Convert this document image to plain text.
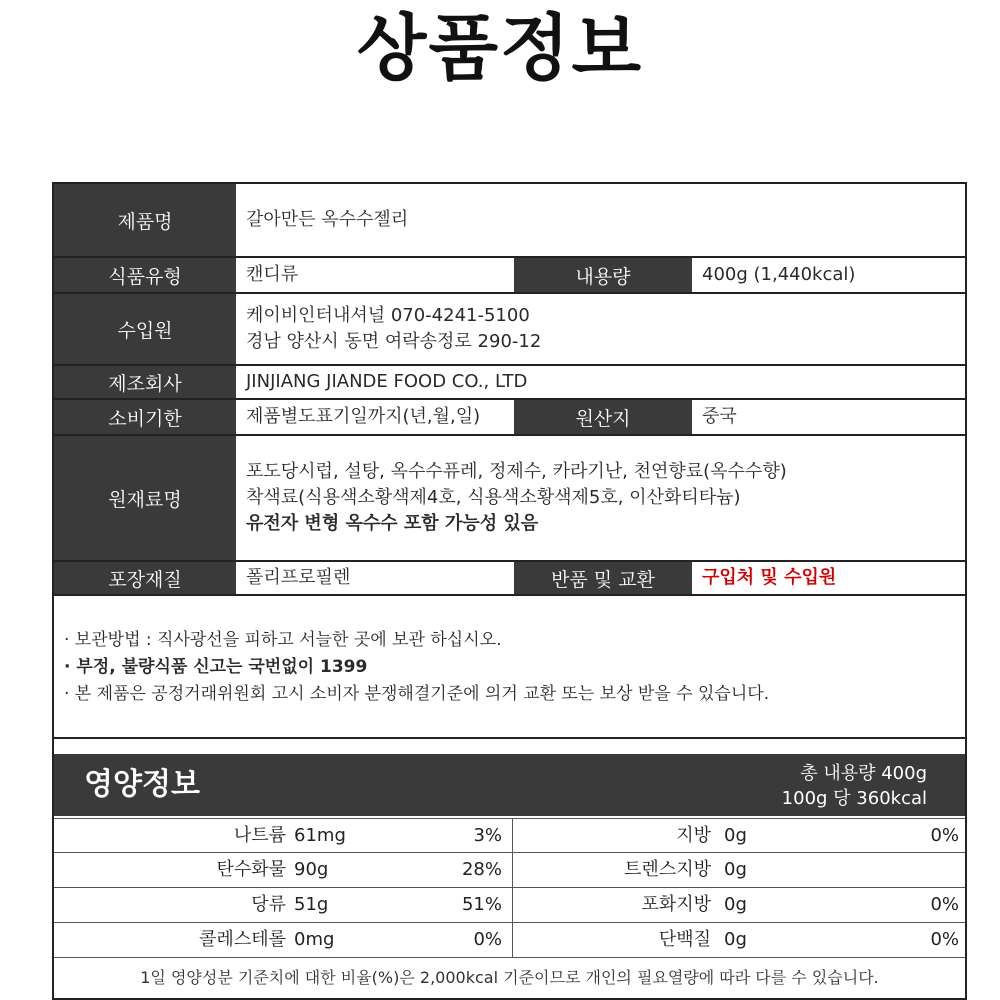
상품정보
제품명	갈아만든 옥수수젤리
식품유형	캔디류	내용량	400g (1,440kcal)
수입원
케이비인터내셔널 070-4241-5100
경남 양산시 동면 여락송정로 290-12
제조회사	JINJIANG JIANDE FOOD CO., LTD
소비기한	제품별도표기일까지(년,월,일)	원산지	중국
원재료명
포도당시럽, 설탕, 옥수수퓨레, 정제수, 카라기난, 천연향료(옥수수향)
착색료(식용색소황색제4호, 식용색소황색제5호, 이산화티타늄)
유전자 변형 옥수수 포함 가능성 있음
포장재질	폴리프로필렌	반품 및 교환	구입처 및 수입원
· 보관방법 : 직사광선을 피하고 서늘한 곳에 보관 하십시오.
· 부정, 불량식품 신고는 국번없이 1399
· 본 제품은 공정거래위원회 고시 소비자 분쟁해결기준에 의거 교환 또는 보상 받을 수 있습니다.
영양정보	총 내용량 400g
100g 당 360kcal
나트륨 61mg	3%	지방 0g	0%
탄수화물 90g	28%	트렌스지방 0g
당류 51g	51%	포화지방 0g	0%
콜레스테롤 0mg	0%	단백질 0g	0%
1일 영양성분 기준치에 대한 비율(%)은 2,000kcal 기준이므로 개인의 필요열량에 따라 다를 수 있습니다.
